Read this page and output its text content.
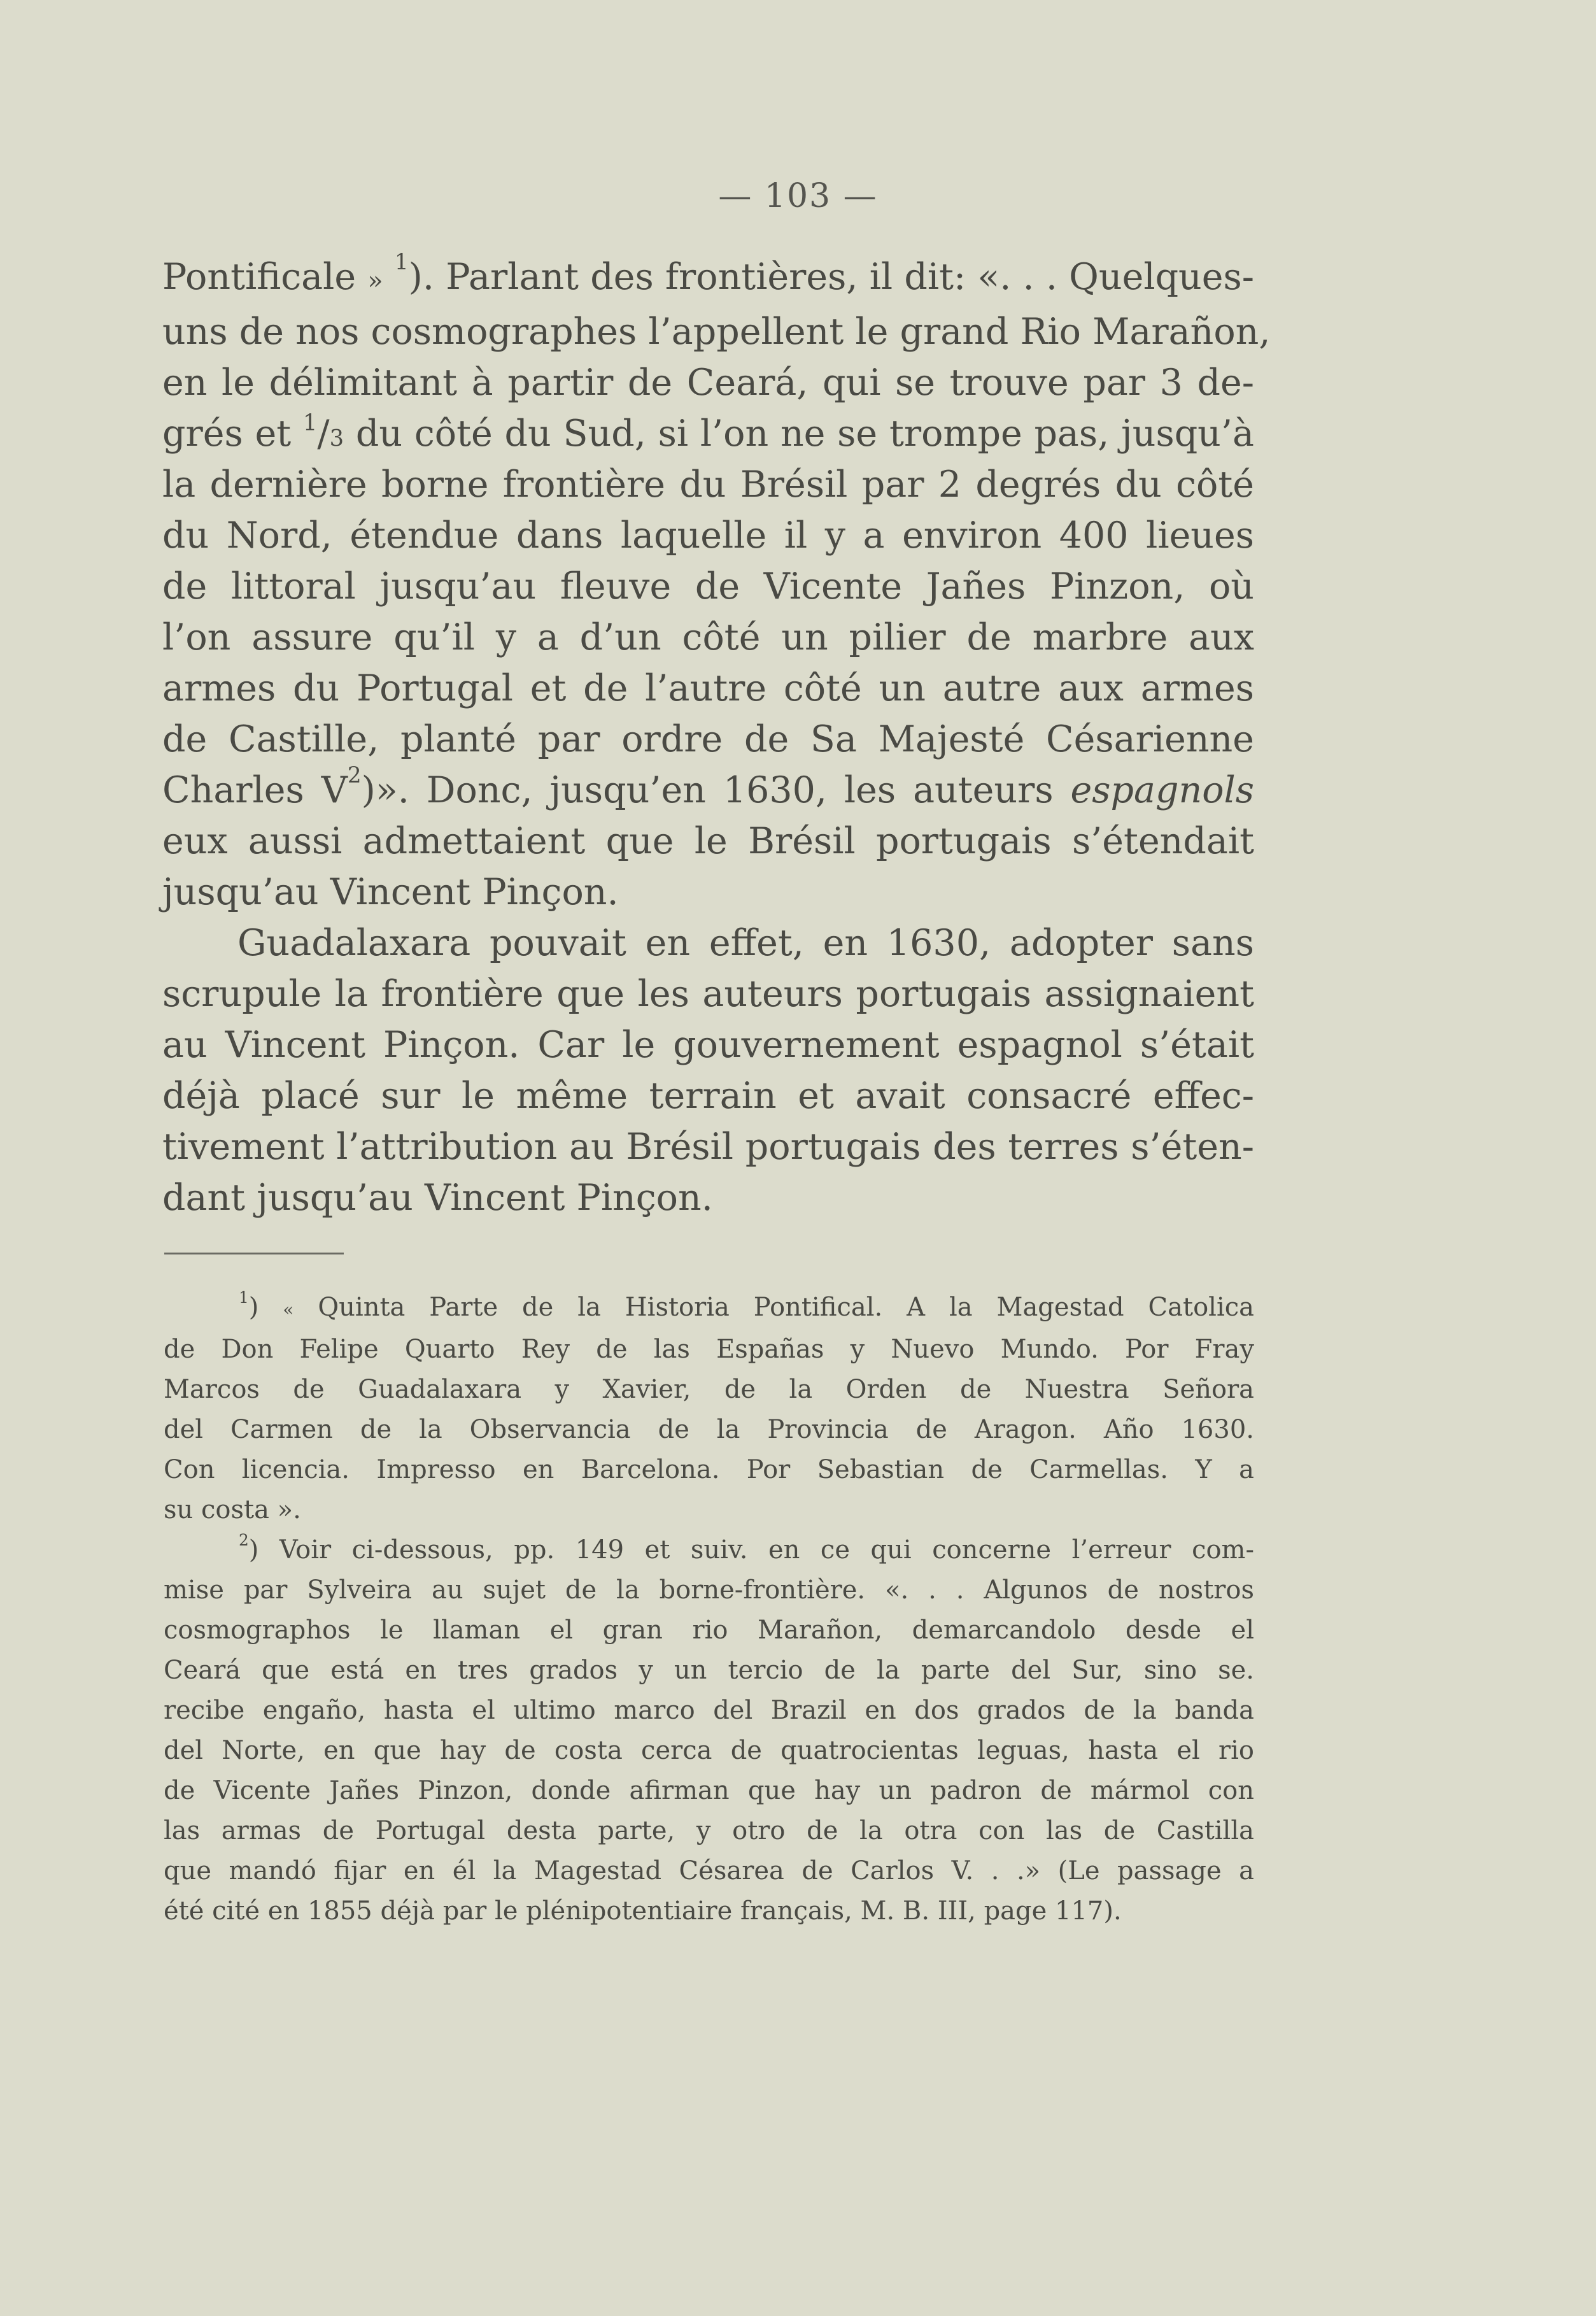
— 103 —
Pontificale » $^1$). Parlant des frontières, il dit: «. . . Quelques-
uns de nos cosmographes l’appellent le grand Rio Marañon,
en le délimitant à partir de Ceará, qui se trouve par 3 de-
grés et $^1$/3 du côté du Sud, si l’on ne se trompe pas, jusqu’à
la dernière borne frontière du Brésil par 2 degrés du côté
du Nord, étendue dans laquelle il y a environ 400 lieues
de littoral jusqu’au fleuve de Vicente Jañes Pinzon, où
l’on assure qu’il y a d’un côté un pilier de marbre aux
armes du Portugal et de l’autre côté un autre aux armes
de Castille, planté par ordre de Sa Majesté Césarienne
Charles $V^2$)». Donc, jusqu’en 1630, les auteurs espagnols
eux aussi admettaient que le Brésil portugais s’étendait
jusqu’au Vincent Pinçon.
Guadalaxara pouvait en effet, en 1630, adopter sans
scrupule la frontière que les auteurs portugais assignaient
au Vincent Pinçon. Car le gouvernement espagnol s’était
déjà placé sur le même terrain et avait consacré effec-
tivement l’attribution au Brésil portugais des terres s’éten-
dant jusqu’au Vincent Pinçon.
$^1$) « Quinta Parte de la Historia Pontifical. A la Magestad Catolica
de Don Felipe Quarto Rey de las Españas y Nuevo Mundo. Por Fray
Marcos de Guadalaxara y Xavier, de la Orden de Nuestra Señora
del Carmen de la Observancia de la Provincia de Aragon. Año 1630.
Con licencia. Impresso en Barcelona. Por Sebastian de Carmellas. Y a
su costa ».
$^2$) Voir ci-dessous, pp. 149 et suiv. en ce qui concerne l’erreur com-
mise par Sylveira au sujet de la borne-frontière. «. . . Algunos de nostros
cosmographos le llaman el gran rio Marañon, demarcandolo desde el
Ceará que está en tres grados y un tercio de la parte del Sur, sino se.
recibe engaño, hasta el ultimo marco del Brazil en dos grados de la banda
del Norte, en que hay de costa cerca de quatrocientas leguas, hasta el rio
de Vicente Jañes Pinzon, donde afirman que hay un padron de mármol con
las armas de Portugal desta parte, y otro de la otra con las de Castilla
que mandó fijar en él la Magestad Césarea de Carlos V. . .» (Le passage a
été cité en 1855 déjà par le plénipotentiaire français, M. B. III, page 117).
